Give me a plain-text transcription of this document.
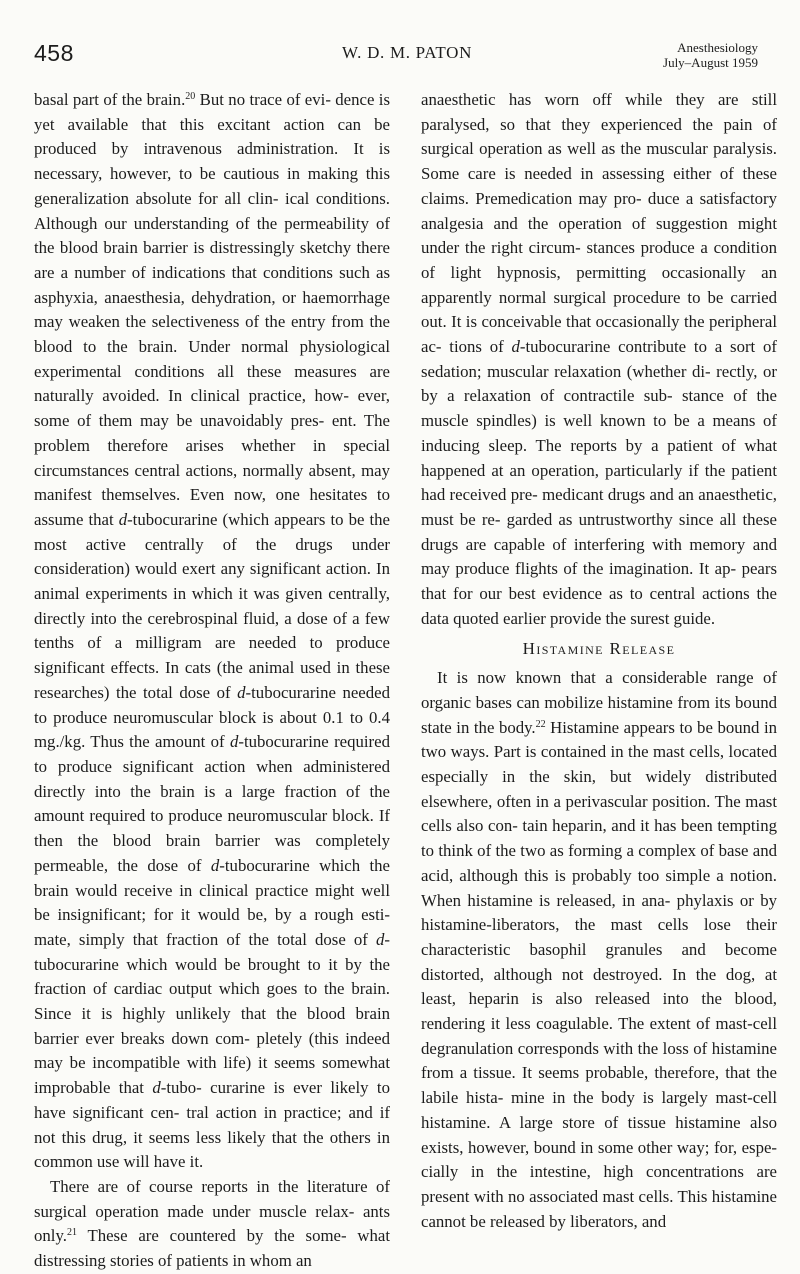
458	W. D. M. PATON	Anesthesiology
July–August 1959

basal part of the brain.$^{20}$ But no trace of evi- dence is yet available that this excitant action can be produced by intravenous administration. It is necessary, however, to be cautious in making this generalization absolute for all clin- ical conditions. Although our understanding of the permeability of the blood brain barrier is distressingly sketchy there are a number of indications that conditions such as asphyxia, anaesthesia, dehydration, or haemorrhage may weaken the selectiveness of the entry from the blood to the brain. Under normal physiological experimental conditions all these measures are naturally avoided. In clinical practice, how- ever, some of them may be unavoidably pres- ent. The problem therefore arises whether in special circumstances central actions, normally absent, may manifest themselves. Even now, one hesitates to assume that d-tubocurarine (which appears to be the most active centrally of the drugs under consideration) would exert any significant action. In animal experiments in which it was given centrally, directly into the cerebrospinal fluid, a dose of a few tenths of a milligram are needed to produce significant effects. In cats (the animal used in these researches) the total dose of d-tubocurarine needed to produce neuromuscular block is about 0.1 to 0.4 mg./kg. Thus the amount of d-tubocurarine required to produce significant action when administered directly into the brain is a large fraction of the amount required to produce neuromuscular block. If then the blood brain barrier was completely permeable, the dose of d-tubocurarine which the brain would receive in clinical practice might well be insignificant; for it would be, by a rough esti- mate, simply that fraction of the total dose of d-tubocurarine which would be brought to it by the fraction of cardiac output which goes to the brain. Since it is highly unlikely that the blood brain barrier ever breaks down com- pletely (this indeed may be incompatible with life) it seems somewhat improbable that d-tubo- curarine is ever likely to have significant cen- tral action in practice; and if not this drug, it seems less likely that the others in common use will have it.

There are of course reports in the literature of surgical operation made under muscle relax- ants only.$^{21}$ These are countered by the some- what distressing stories of patients in whom an

anaesthetic has worn off while they are still paralysed, so that they experienced the pain of surgical operation as well as the muscular paralysis. Some care is needed in assessing either of these claims. Premedication may pro- duce a satisfactory analgesia and the operation of suggestion might under the right circum- stances produce a condition of light hypnosis, permitting occasionally an apparently normal surgical procedure to be carried out. It is conceivable that occasionally the peripheral ac- tions of d-tubocurarine contribute to a sort of sedation; muscular relaxation (whether di- rectly, or by a relaxation of contractile sub- stance of the muscle spindles) is well known to be a means of inducing sleep. The reports by a patient of what happened at an operation, particularly if the patient had received pre- medicant drugs and an anaesthetic, must be re- garded as untrustworthy since all these drugs are capable of interfering with memory and may produce flights of the imagination. It ap- pears that for our best evidence as to central actions the data quoted earlier provide the surest guide.

Histamine Release

It is now known that a considerable range of organic bases can mobilize histamine from its bound state in the body.$^{22}$ Histamine appears to be bound in two ways. Part is contained in the mast cells, located especially in the skin, but widely distributed elsewhere, often in a perivascular position. The mast cells also con- tain heparin, and it has been tempting to think of the two as forming a complex of base and acid, although this is probably too simple a notion. When histamine is released, in ana- phylaxis or by histamine-liberators, the mast cells lose their characteristic basophil granules and become distorted, although not destroyed. In the dog, at least, heparin is also released into the blood, rendering it less coagulable. The extent of mast-cell degranulation corresponds with the loss of histamine from a tissue. It seems probable, therefore, that the labile hista- mine in the body is largely mast-cell histamine. A large store of tissue histamine also exists, however, bound in some other way; for, espe- cially in the intestine, high concentrations are present with no associated mast cells. This histamine cannot be released by liberators, and
